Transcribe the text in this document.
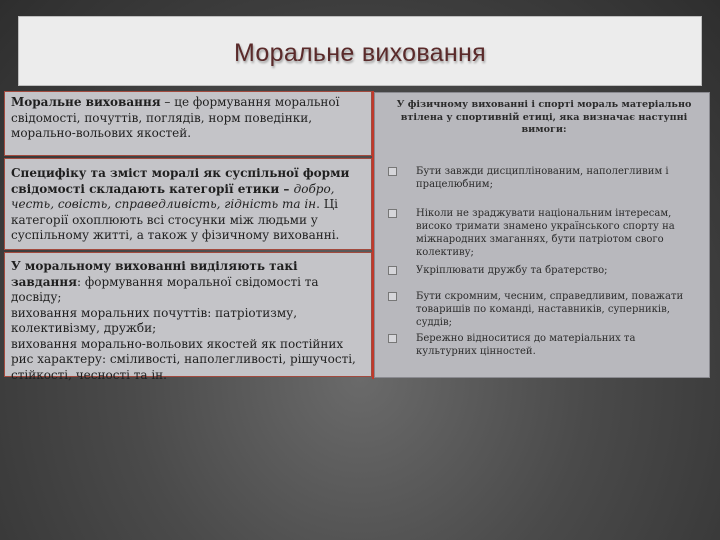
Моральне виховання
Моральне виховання – це формування моральної свідомості, почуттів, поглядів, норм поведінки, морально-вольових якостей.
Специфіку та зміст моралі як суспільної форми свідомості складають категорії етики – добро, честь, совість, справедливість, гідність та ін. Ці категорії охоплюють всі стосунки між людьми у суспільному житті, а також у фізичному вихованні.
У моральному вихованні виділяють такі завдання: формування моральної свідомості та досвіду;
виховання моральних почуттів: патріотизму, колективізму, дружби;
виховання морально-вольових якостей як постійних рис характеру: сміливості, наполегливості, рішучості, стійкості, чесності та ін.
У фізичному вихованні і спорті мораль матеріально втілена у спортивній етиці, яка визначає наступні вимоги:
Бути завжди дисциплінованим, наполегливим і працелюбним;
Ніколи не зраджувати національним інтересам, високо тримати знамено українського спорту на міжнародних змаганнях, бути патріотом свого колективу;
Укріплювати дружбу та братерство;
Бути скромним, чесним, справедливим, поважати товаришів по команді, наставників, суперників, суддів;
Бережно відноситися до матеріальних та культурних цінностей.
